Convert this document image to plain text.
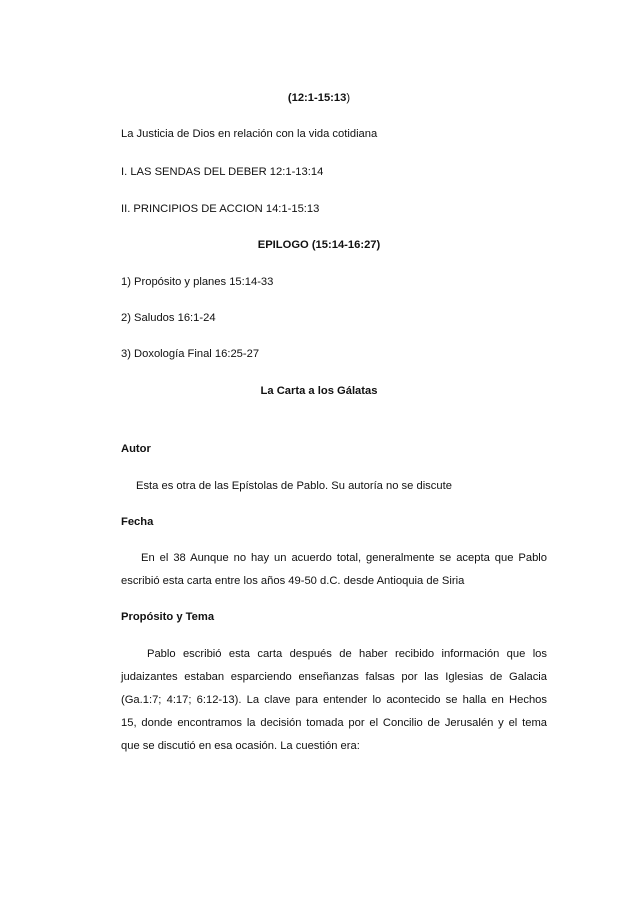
(12:1-15:13)
La Justicia de Dios en relación con la vida cotidiana
I. LAS SENDAS DEL DEBER 12:1-13:14
II. PRINCIPIOS DE ACCION 14:1-15:13
EPILOGO (15:14-16:27)
1) Propósito y planes 15:14-33
2) Saludos 16:1-24
3) Doxología Final 16:25-27
La Carta a los Gálatas
Autor
Esta es otra de las Epístolas de Pablo. Su autoría no se discute
Fecha
En el 38 Aunque no hay un acuerdo total, generalmente se acepta que Pablo
escribió esta carta entre los años 49-50 d.C. desde Antioquia de Siria
Propósito y Tema
Pablo escribió esta carta después de haber recibido información que los
judaizantes estaban esparciendo enseñanzas falsas por las Iglesias de Galacia
(Ga.1:7; 4:17; 6:12-13). La clave para entender lo acontecido se halla en Hechos
15, donde encontramos la decisión tomada por el Concilio de Jerusalén y el tema
que se discutió en esa ocasión. La cuestión era:
